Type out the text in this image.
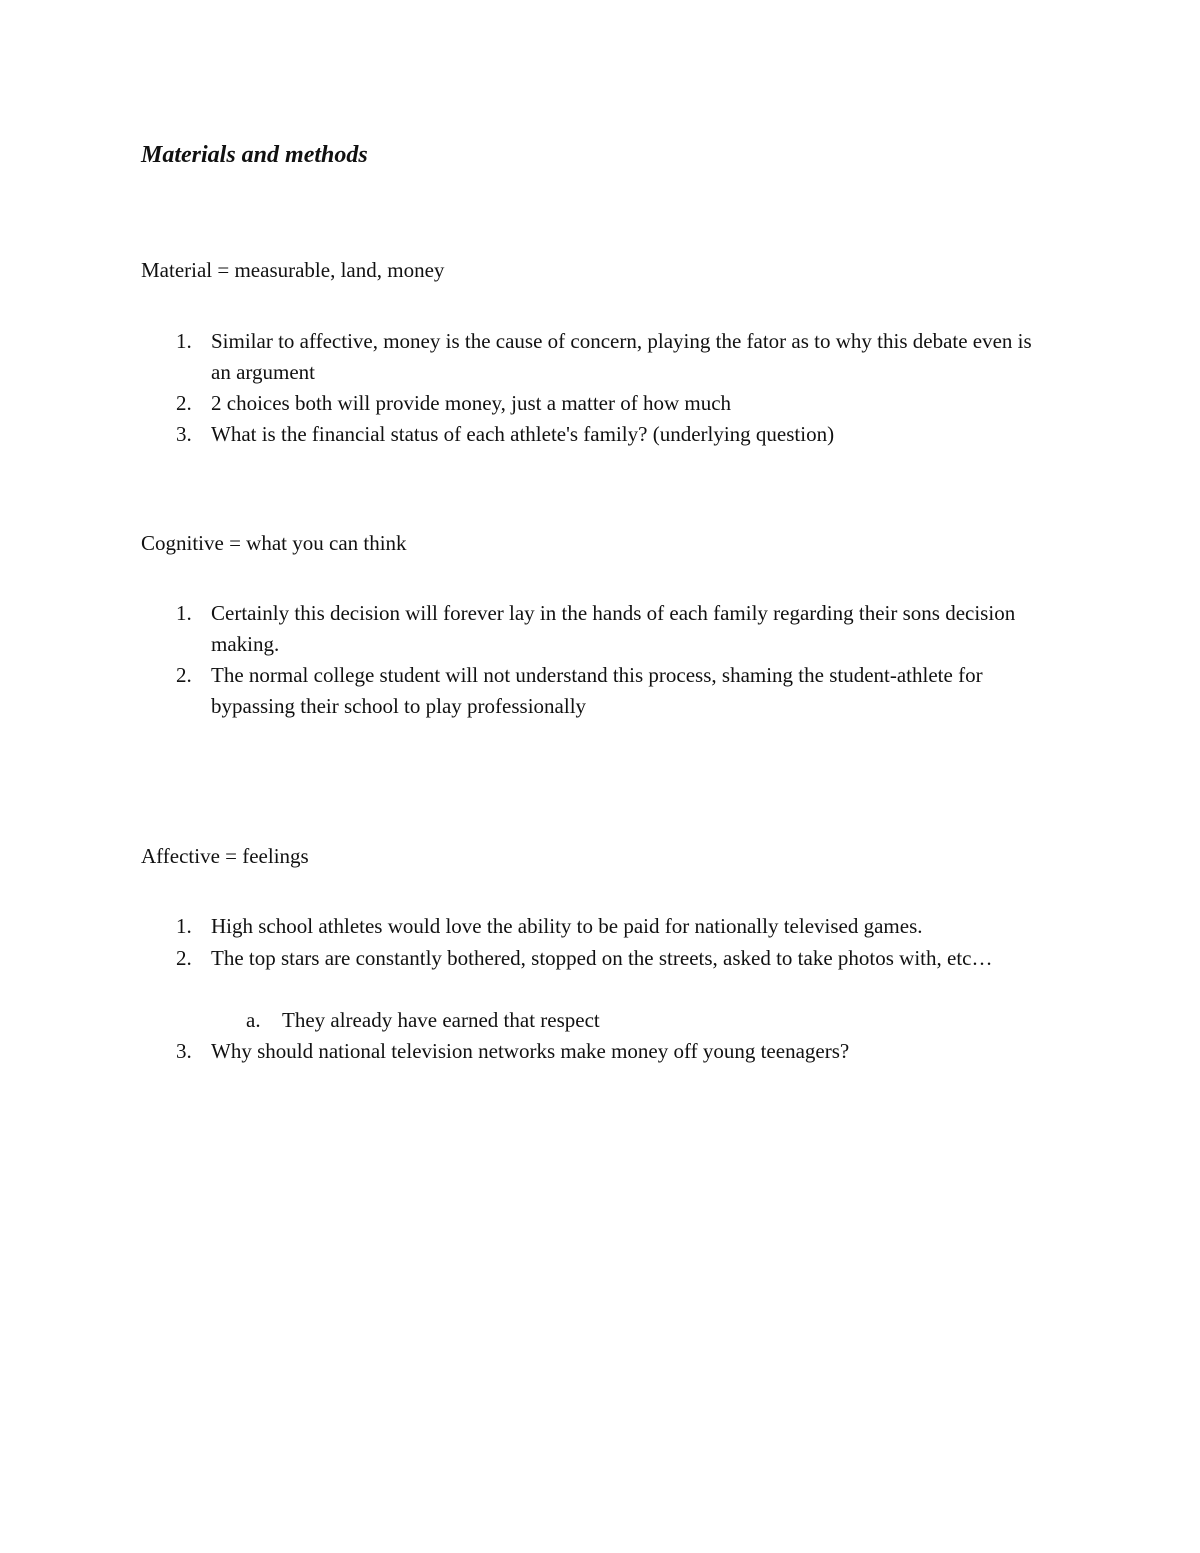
Materials and methods

Material = measurable, land, money

1. Similar to affective, money is the cause of concern, playing the fator as to why this debate even is an argument
2. 2 choices both will provide money, just a matter of how much
3. What is the financial status of each athlete's family? (underlying question)

Cognitive = what you can think

1. Certainly this decision will forever lay in the hands of each family regarding their sons decision making.
2. The normal college student will not understand this process, shaming the student-athlete for bypassing their school to play professionally

Affective = feelings

1. High school athletes would love the ability to be paid for nationally televised games.
2. The top stars are constantly bothered, stopped on the streets, asked to take photos with, etc…
a. They already have earned that respect
3. Why should national television networks make money off young teenagers?
